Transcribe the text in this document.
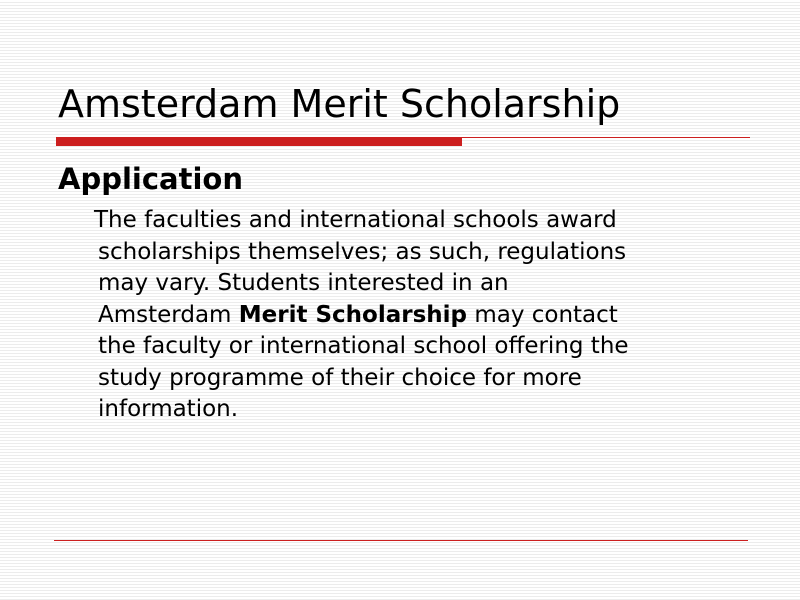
Amsterdam Merit Scholarship
Application
The faculties and international schools award
scholarships themselves; as such, regulations
may vary. Students interested in an
Amsterdam Merit Scholarship may contact
the faculty or international school offering the
study programme of their choice for more
information.
